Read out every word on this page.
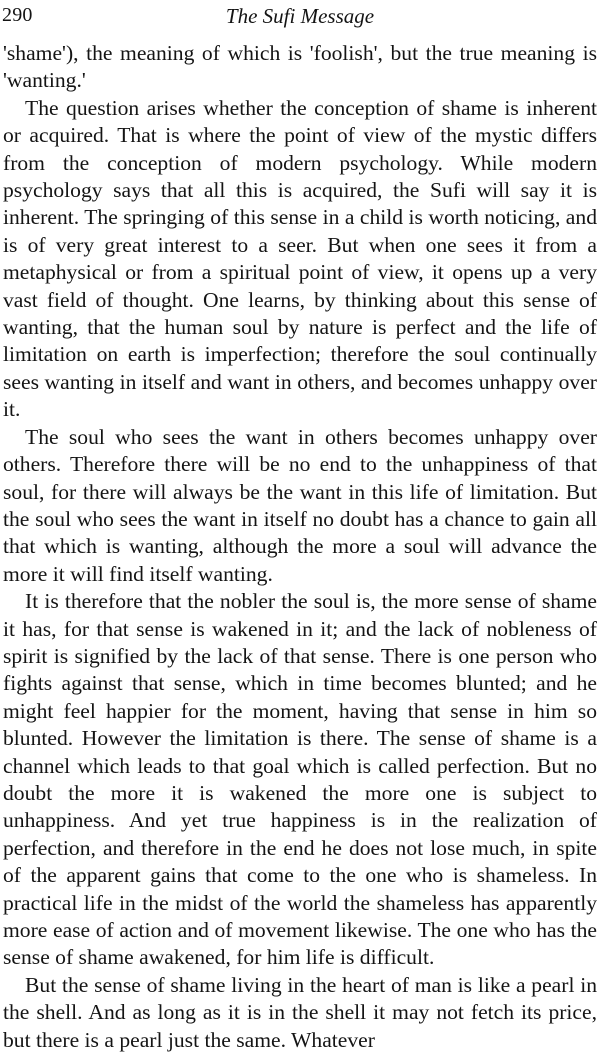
290	The Sufi Message

'shame'), the meaning of which is 'foolish', but the true meaning is 'wanting.'

The question arises whether the conception of shame is inherent or acquired. That is where the point of view of the mystic differs from the conception of modern psychology. While modern psychology says that all this is acquired, the Sufi will say it is inherent. The springing of this sense in a child is worth noticing, and is of very great interest to a seer. But when one sees it from a metaphysical or from a spiritual point of view, it opens up a very vast field of thought. One learns, by thinking about this sense of wanting, that the human soul by nature is perfect and the life of limitation on earth is imperfection; therefore the soul continually sees wanting in itself and want in others, and becomes unhappy over it.

The soul who sees the want in others becomes unhappy over others. Therefore there will be no end to the unhappiness of that soul, for there will always be the want in this life of limitation. But the soul who sees the want in itself no doubt has a chance to gain all that which is wanting, although the more a soul will advance the more it will find itself wanting.

It is therefore that the nobler the soul is, the more sense of shame it has, for that sense is wakened in it; and the lack of nobleness of spirit is signified by the lack of that sense. There is one person who fights against that sense, which in time becomes blunted; and he might feel happier for the moment, having that sense in him so blunted. However the limitation is there. The sense of shame is a channel which leads to that goal which is called perfection. But no doubt the more it is wakened the more one is subject to unhappiness. And yet true happiness is in the realization of perfection, and therefore in the end he does not lose much, in spite of the apparent gains that come to the one who is shameless. In practical life in the midst of the world the shameless has apparently more ease of action and of movement likewise. The one who has the sense of shame awakened, for him life is difficult.

But the sense of shame living in the heart of man is like a pearl in the shell. And as long as it is in the shell it may not fetch its price, but there is a pearl just the same. Whatever
